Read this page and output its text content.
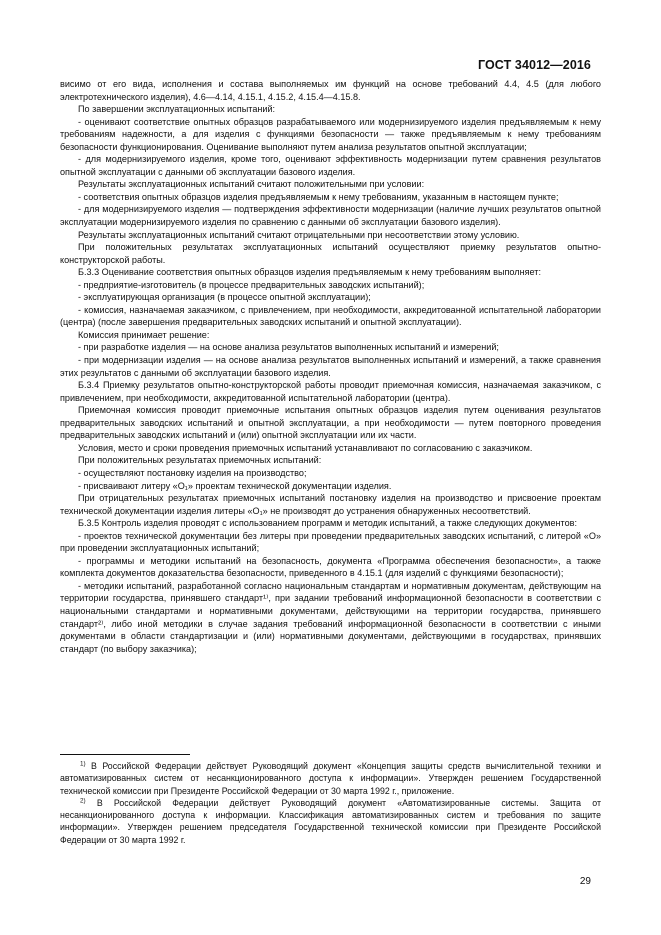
ГОСТ 34012—2016

висимо от его вида, исполнения и состава выполняемых им функций на основе требований 4.4, 4.5 (для любого электротехнического изделия), 4.6—4.14, 4.15.1, 4.15.2, 4.15.4—4.15.8.

По завершении эксплуатационных испытаний:

- оценивают соответствие опытных образцов разрабатываемого или модернизируемого изделия предъявляемым к нему требованиям надежности, а для изделия с функциями безопасности — также предъявляемым к нему требованиям безопасности функционирования. Оценивание выполняют путем анализа результатов опытной эксплуатации;

- для модернизируемого изделия, кроме того, оценивают эффективность модернизации путем сравнения результатов опытной эксплуатации с данными об эксплуатации базового изделия.

Результаты эксплуатационных испытаний считают положительными при условии:

- соответствия опытных образцов изделия предъявляемым к нему требованиям, указанным в настоящем пункте;

- для модернизируемого изделия — подтверждения эффективности модернизации (наличие лучших результатов опытной эксплуатации модернизируемого изделия по сравнению с данными об эксплуатации базового изделия).

Результаты эксплуатационных испытаний считают отрицательными при несоответствии этому условию.

При положительных результатах эксплуатационных испытаний осуществляют приемку результатов опытно-конструкторской работы.

Б.3.3 Оценивание соответствия опытных образцов изделия предъявляемым к нему требованиям выполняет:

- предприятие-изготовитель (в процессе предварительных заводских испытаний);

- эксплуатирующая организация (в процессе опытной эксплуатации);

- комиссия, назначаемая заказчиком, с привлечением, при необходимости, аккредитованной испытательной лаборатории (центра) (после завершения предварительных заводских испытаний и опытной эксплуатации).

Комиссия принимает решение:

- при разработке изделия — на основе анализа результатов выполненных испытаний и измерений;

- при модернизации изделия — на основе анализа результатов выполненных испытаний и измерений, а также сравнения этих результатов с данными об эксплуатации базового изделия.

Б.3.4 Приемку результатов опытно-конструкторской работы проводит приемочная комиссия, назначаемая заказчиком, с привлечением, при необходимости, аккредитованной испытательной лаборатории (центра).

Приемочная комиссия проводит приемочные испытания опытных образцов изделия путем оценивания результатов предварительных заводских испытаний и опытной эксплуатации, а при необходимости — путем повторного проведения предварительных заводских испытаний и (или) опытной эксплуатации или их части.

Условия, место и сроки проведения приемочных испытаний устанавливают по согласованию с заказчиком.

При положительных результатах приемочных испытаний:

- осуществляют постановку изделия на производство;

- присваивают литеру «О₁» проектам технической документации изделия.

При отрицательных результатах приемочных испытаний постановку изделия на производство и присвоение проектам технической документации изделия литеры «О₁» не производят до устранения обнаруженных несоответствий.

Б.3.5 Контроль изделия проводят с использованием программ и методик испытаний, а также следующих документов:

- проектов технической документации без литеры при проведении предварительных заводских испытаний, с литерой «О» при проведении эксплуатационных испытаний;

- программы и методики испытаний на безопасность, документа «Программа обеспечения безопасности», а также комплекта документов доказательства безопасности, приведенного в 4.15.1 (для изделий с функциями безопасности);

- методики испытаний, разработанной согласно национальным стандартам и нормативным документам, действующим на территории государства, принявшего стандарт¹⁾, при задании требований информационной безопасности в соответствии с национальными стандартами и нормативными документами, действующими на территории государства, принявшего стандарт²⁾, либо иной методики в случае задания требований информационной безопасности в соответствии с иными документами в области стандартизации и (или) нормативными документами, действующими в государствах, принявших стандарт (по выбору заказчика);

$^{1)}$ В Российской Федерации действует Руководящий документ «Концепция защиты средств вычислительной техники и автоматизированных систем от несанкционированного доступа к информации». Утвержден решением Государственной технической комиссии при Президенте Российской Федерации от 30 марта 1992 г., приложение.

$^{2)}$ В Российской Федерации действует Руководящий документ «Автоматизированные системы. Защита от несанкционированного доступа к информации. Классификация автоматизированных систем и требования по защите информации». Утвержден решением председателя Государственной технической комиссии при Президенте Российской Федерации от 30 марта 1992 г.

29
